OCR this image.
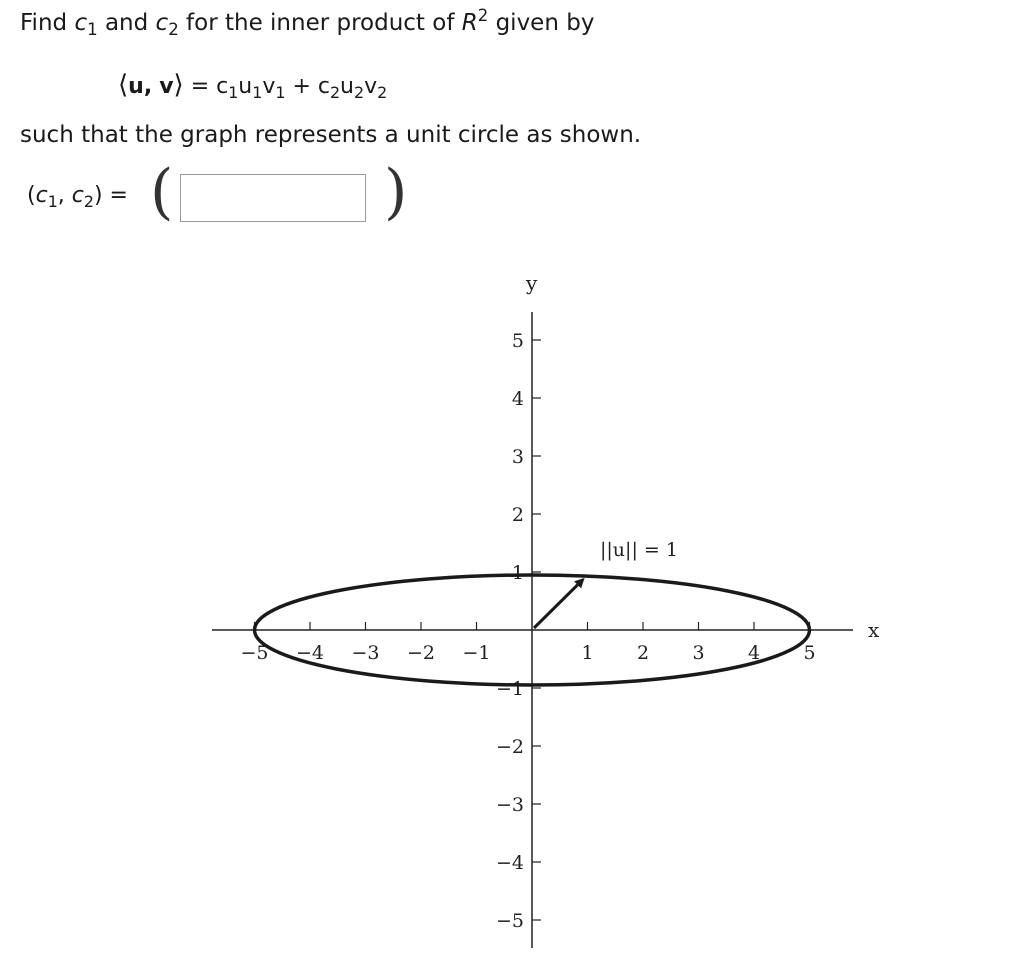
Find $c_1$ and $c_2$ for the inner product of $R^2$ given by
⟨u, v⟩ = $c_1u_1v_1 + c_2u_2v_2$
such that the graph represents a unit circle as shown.
($c_1$, $c_2$) = (	)
x
y
−5 −4 −3 −2 −1	1 2 3 4 5
5
4
3
2
1
−1
−2
−3
−4
−5
||u|| = 1
